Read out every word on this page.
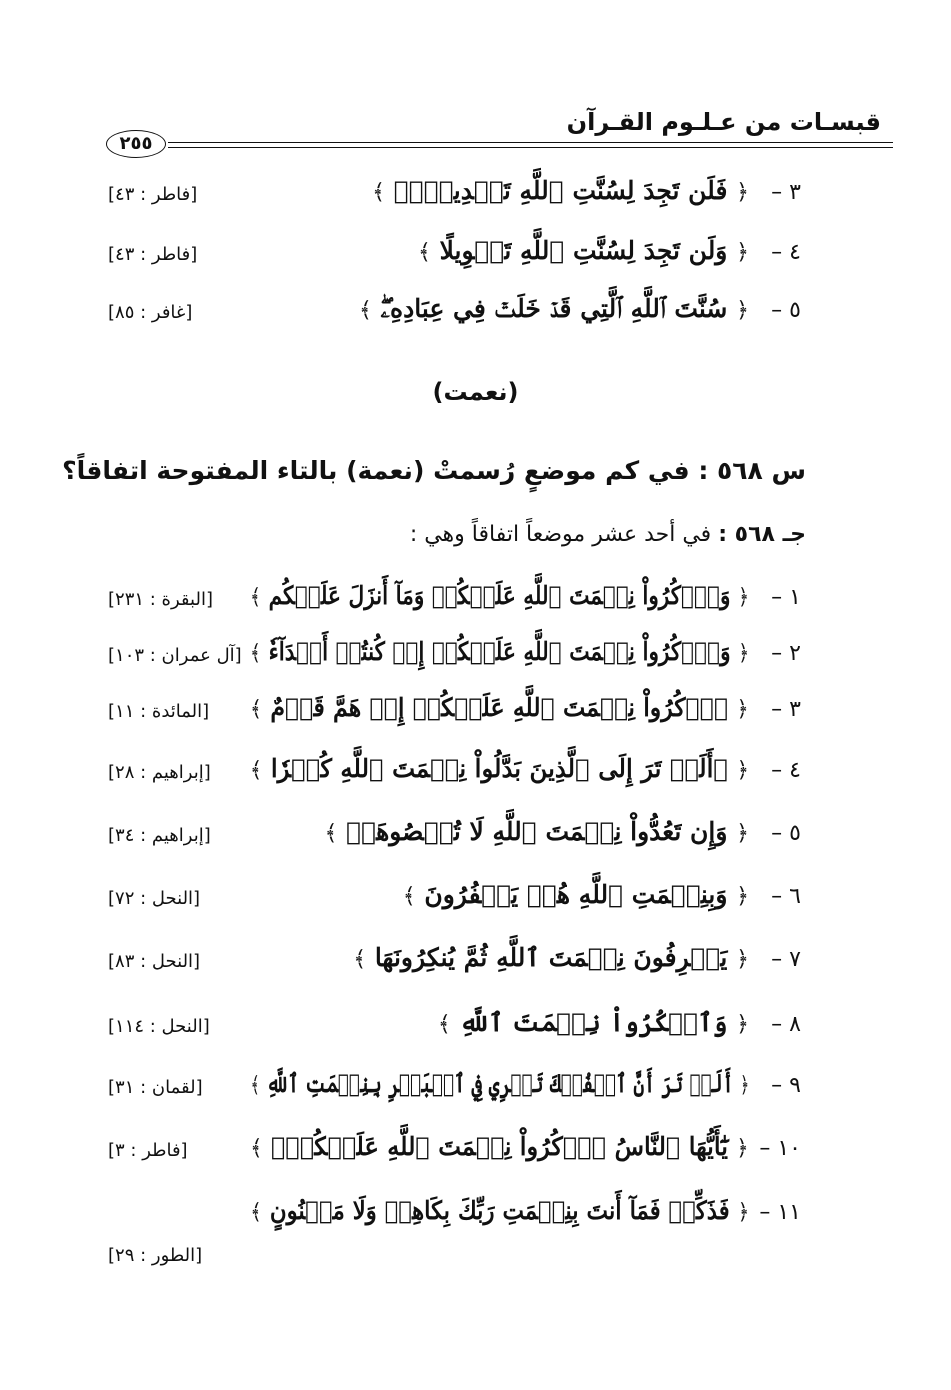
قبسـات من عـلـوم القـرآن
٢٥٥
٣ –
﴿ فَلَن تَجِدَ لِسُنَّتِ ٱللَّهِ تَبۡدِيلًاۖ ﴾
[فاطر : ٤٣]
٤ –
﴿ وَلَن تَجِدَ لِسُنَّتِ ٱللَّهِ تَحۡوِيلًا ﴾
[فاطر : ٤٣]
٥ –
﴿ سُنَّتَ ٱللَّهِ ٱلَّتِي قَدۡ خَلَتۡ فِي عِبَادِهِۦۖ ﴾
[غافر : ٨٥]
(نعمت)
س ٥٦٨ : في كم موضعٍ رُسمتْ (نعمة) بالتاء المفتوحة اتفاقاً؟
جـ ٥٦٨ : في أحد عشر موضعاً اتفاقاً وهي :
١ –
﴿ وَٱذۡكُرُواْ نِعۡمَتَ ٱللَّهِ عَلَيۡكُمۡ وَمَآ أَنزَلَ عَلَيۡكُم ﴾
[البقرة : ٢٣١]
٢ –
﴿ وَٱذۡكُرُواْ نِعۡمَتَ ٱللَّهِ عَلَيۡكُمۡ إِذۡ كُنتُمۡ أَعۡدَآءٗ ﴾
[آل عمران : ١٠٣]
٣ –
﴿ ٱذۡكُرُواْ نِعۡمَتَ ٱللَّهِ عَلَيۡكُمۡ إِذۡ هَمَّ قَوۡمٌ ﴾
[المائدة : ١١]
٤ –
﴿ ۞أَلَمۡ تَرَ إِلَى ٱلَّذِينَ بَدَّلُواْ نِعۡمَتَ ٱللَّهِ كُفۡرٗا ﴾
[إبراهيم : ٢٨]
٥ –
﴿ وَإِن تَعُدُّواْ نِعۡمَتَ ٱللَّهِ لَا تُحۡصُوهَآۗ ﴾
[إبراهيم : ٣٤]
٦ –
﴿ وَبِنِعۡمَتِ ٱللَّهِ هُمۡ يَكۡفُرُونَ ﴾
[النحل : ٧٢]
٧ –
﴿ يَعۡرِفُونَ نِعۡمَتَ ٱللَّهِ ثُمَّ يُنكِرُونَهَا ﴾
[النحل : ٨٣]
٨ –
﴿ وَٱشۡكُرُواْ نِعۡمَتَ ٱللَّهِ ﴾
[النحل : ١١٤]
٩ –
﴿ أَلَمۡ تَرَ أَنَّ ٱلۡفُلۡكَ تَجۡرِي فِي ٱلۡبَحۡرِ بِنِعۡمَتِ ٱللَّهِ ﴾
[لقمان : ٣١]
١٠ –
﴿ يَٰٓأَيُّهَا ٱلنَّاسُ ٱذۡكُرُواْ نِعۡمَتَ ٱللَّهِ عَلَيۡكُمۡۚ ﴾
[فاطر : ٣]
١١ –
﴿ فَذَكِّرۡ فَمَآ أَنتَ بِنِعۡمَتِ رَبِّكَ بِكَاهِنٖ وَلَا مَجۡنُونٍ ﴾
[الطور : ٢٩]
